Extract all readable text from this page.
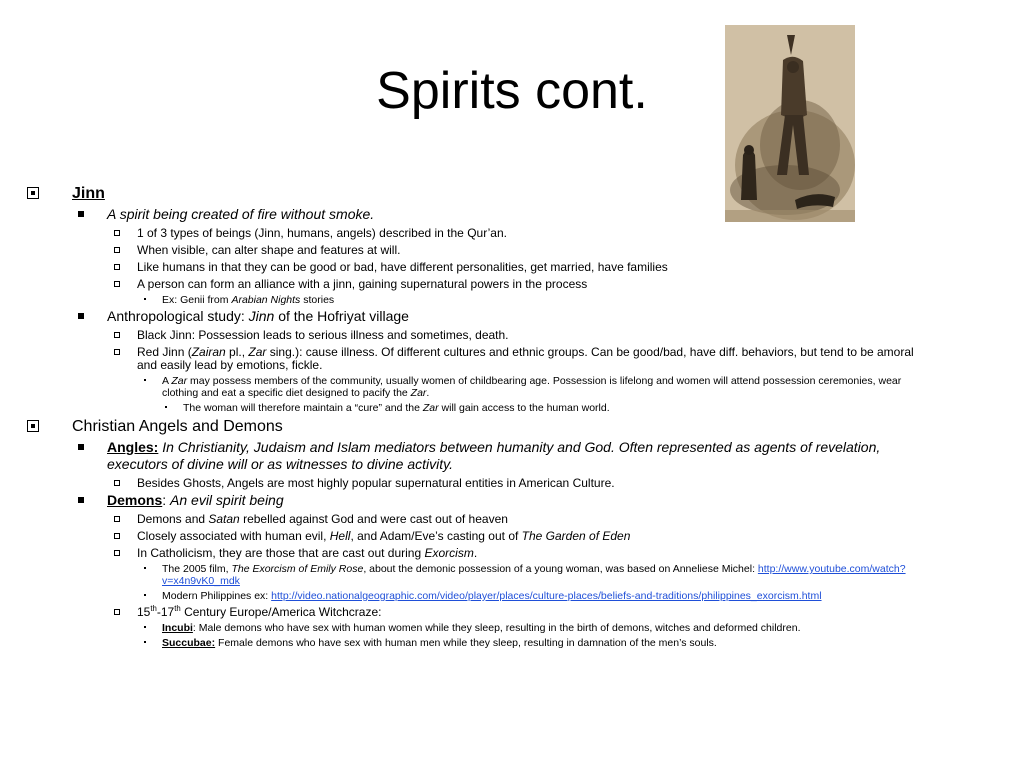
Spirits cont.
Jinn
A spirit being created of fire without smoke.
1 of 3 types of beings (Jinn, humans, angels) described in the Qur’an.
When visible, can alter shape and features at will.
Like humans in that they can be good or bad, have different personalities, get married, have families
A person can form an alliance with a jinn, gaining supernatural powers in the process
Ex: Genii from Arabian Nights stories
Anthropological study: Jinn of the Hofriyat village
Black Jinn: Possession leads to serious illness and sometimes, death.
Red Jinn (Zairan pl., Zar sing.): cause illness. Of different cultures and ethnic groups. Can be good/bad, have diff. behaviors, but tend to be amoral and easily lead by emotions, fickle.
A Zar may possess members of the community, usually women of childbearing age. Possession is lifelong and women will attend possession ceremonies, wear clothing and eat a specific diet designed to pacify the Zar.
The woman will therefore maintain a “cure” and the Zar will gain access to the human world.
Christian Angels and Demons
Angles: In Christianity, Judaism and Islam mediators between humanity and God. Often represented as agents of revelation, executors of divine will or as witnesses to divine activity.
Besides Ghosts, Angels are most highly popular supernatural entities in American Culture.
Demons: An evil spirit being
Demons and Satan rebelled against God and were cast out of heaven
Closely associated with human evil, Hell, and Adam/Eve’s casting out of The Garden of Eden
In Catholicism, they are those that are cast out during Exorcism.
The 2005 film, The Exorcism of Emily Rose, about the demonic possession of a young woman, was based on Anneliese Michel: http://www.youtube.com/watch?v=x4n9vK0_mdk
Modern Philippines ex: http://video.nationalgeographic.com/video/player/places/culture-places/beliefs-and-traditions/philippines_exorcism.html
15th-17th Century Europe/America Witchcraze:
Incubi: Male demons who have sex with human women while they sleep, resulting in the birth of demons, witches and deformed children.
Succubae: Female demons who have sex with human men while they sleep, resulting in damnation of the men’s souls.
